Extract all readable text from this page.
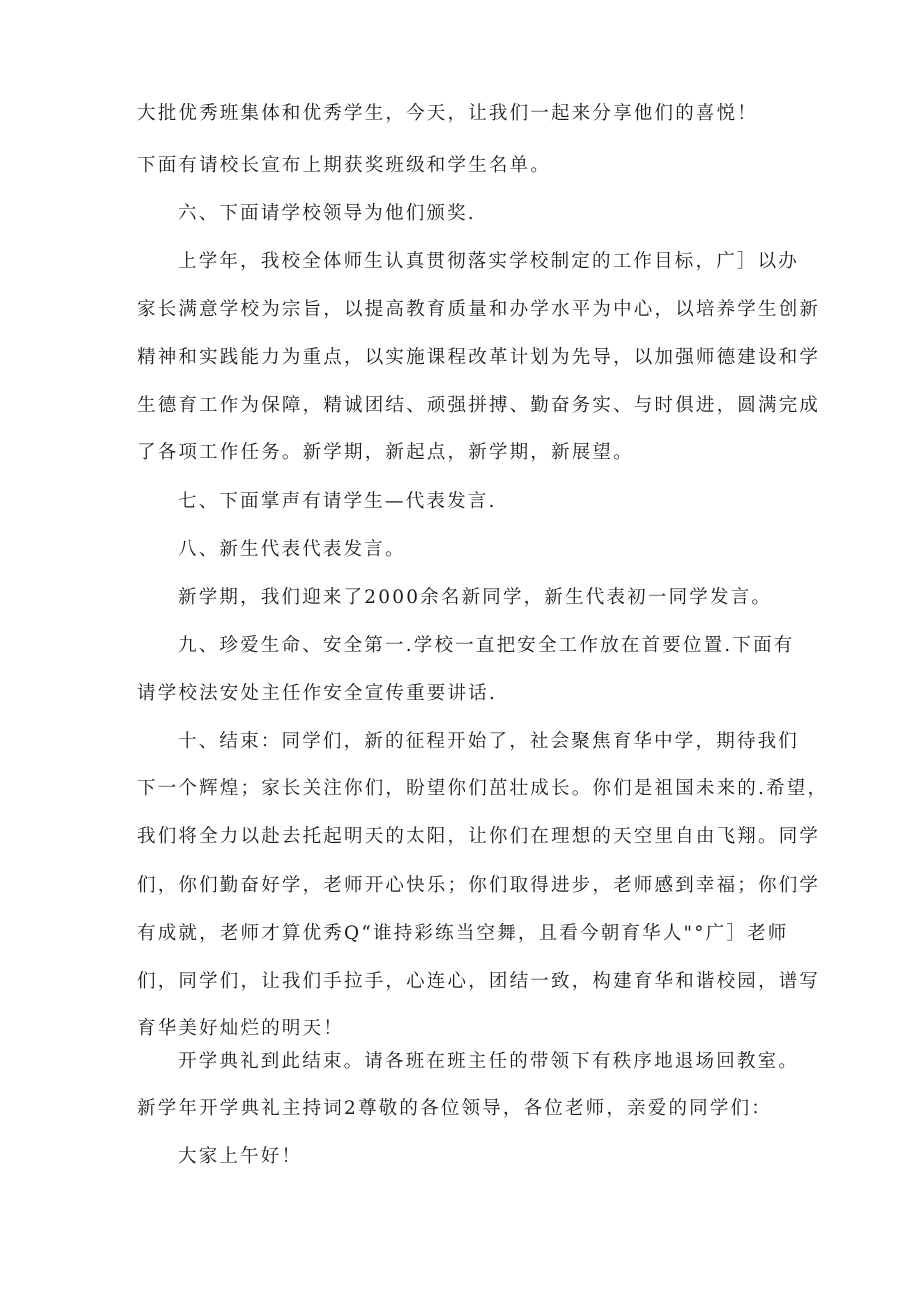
大批优秀班集体和优秀学生，今天，让我们一起来分享他们的喜悦！
下面有请校长宣布上期获奖班级和学生名单。
六、下面请学校领导为他们颁奖.
上学年，我校全体师生认真贯彻落实学校制定的工作目标，广］以办
家长满意学校为宗旨，以提高教育质量和办学水平为中心，以培养学生创新
精神和实践能力为重点，以实施课程改革计划为先导，以加强师德建设和学
生德育工作为保障，精诚团结、顽强拼搏、勤奋务实、与时俱进，圆满完成
了各项工作任务。新学期，新起点，新学期，新展望。
七、下面掌声有请学生—代表发言.
八、新生代表代表发言。
新学期，我们迎来了2000余名新同学，新生代表初一同学发言。
九、珍爱生命、安全第一.学校一直把安全工作放在首要位置.下面有
请学校法安处主任作安全宣传重要讲话.
十、结束：同学们，新的征程开始了，社会聚焦育华中学，期待我们
下一个辉煌；家长关注你们，盼望你们茁壮成长。你们是祖国未来的.希望，
我们将全力以赴去托起明天的太阳，让你们在理想的天空里自由飞翔。同学
们，你们勤奋好学，老师开心快乐；你们取得进步，老师感到幸福；你们学
有成就，老师才算优秀Q“谁持彩练当空舞，且看今朝育华人"°广］老师
们，同学们，让我们手拉手，心连心，团结一致，构建育华和谐校园，谱写
育华美好灿烂的明天！
开学典礼到此结束。请各班在班主任的带领下有秩序地退场回教室。
新学年开学典礼主持词2尊敬的各位领导，各位老师，亲爱的同学们：
大家上午好！
